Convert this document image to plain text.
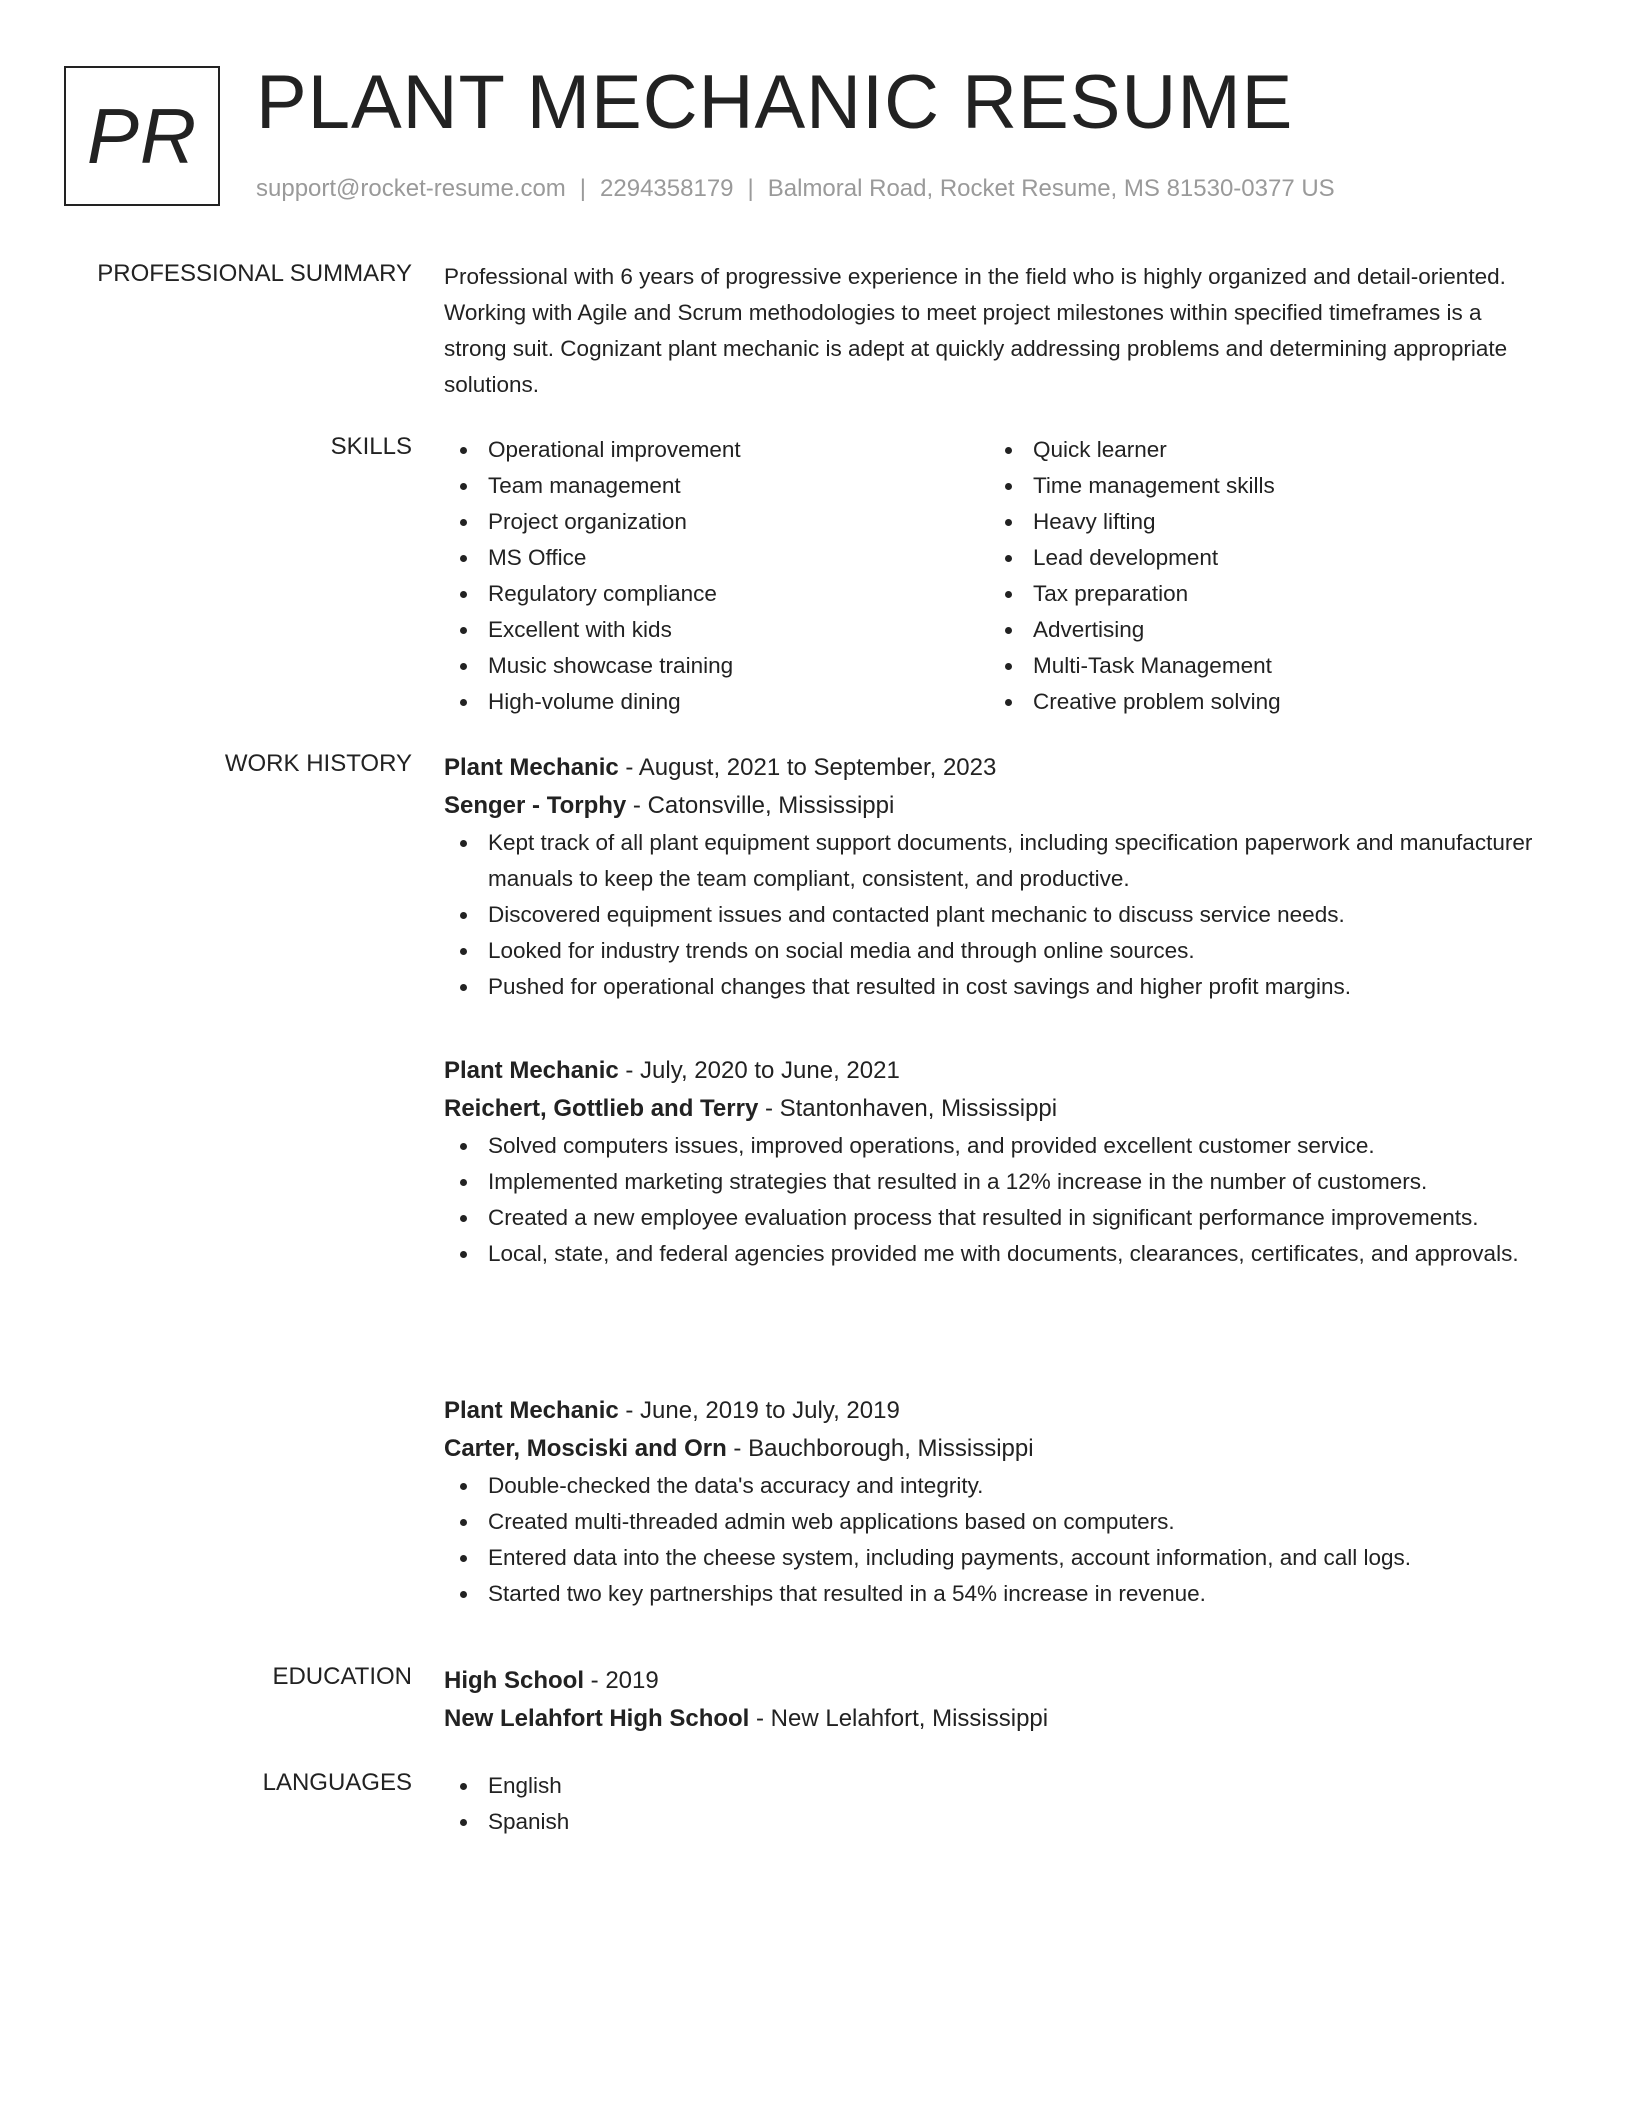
PR PLANT MECHANIC RESUME
support@rocket-resume.com | 2294358179 | Balmoral Road, Rocket Resume, MS 81530-0377 US
PROFESSIONAL SUMMARY Professional with 6 years of progressive experience in the field who is highly organized and detail-oriented. Working with Agile and Scrum methodologies to meet project milestones within specified timeframes is a strong suit. Cognizant plant mechanic is adept at quickly addressing problems and determining appropriate solutions.

SKILLS	Operational improvement
Team management
Project organization
MS Office
Regulatory compliance
Excellent with kids
Music showcase training
High-volume dining
Quick learner
Time management skills
Heavy lifting
Lead development
Tax preparation
Advertising
Multi-Task Management
Creative problem solving
WORK HISTORY Plant Mechanic - August, 2021 to September, 2023
Senger - Torphy - Catonsville, Mississippi
Kept track of all plant equipment support documents, including specification paperwork and manufacturer manuals to keep the team compliant, consistent, and productive.
Discovered equipment issues and contacted plant mechanic to discuss service needs.
Looked for industry trends on social media and through online sources.
Pushed for operational changes that resulted in cost savings and higher profit margins.
Plant Mechanic - July, 2020 to June, 2021
Reichert, Gottlieb and Terry - Stantonhaven, Mississippi
Solved computers issues, improved operations, and provided excellent customer service.
Implemented marketing strategies that resulted in a 12% increase in the number of customers.
Created a new employee evaluation process that resulted in significant performance improvements.
Local, state, and federal agencies provided me with documents, clearances, certificates, and approvals.
Plant Mechanic - June, 2019 to July, 2019
Carter, Mosciski and Orn - Bauchborough, Mississippi
Double-checked the data's accuracy and integrity.
Created multi-threaded admin web applications based on computers.
Entered data into the cheese system, including payments, account information, and call logs.
Started two key partnerships that resulted in a 54% increase in revenue.
EDUCATION High School - 2019
New Lelahfort High School - New Lelahfort, Mississippi
LANGUAGES	English
Spanish
